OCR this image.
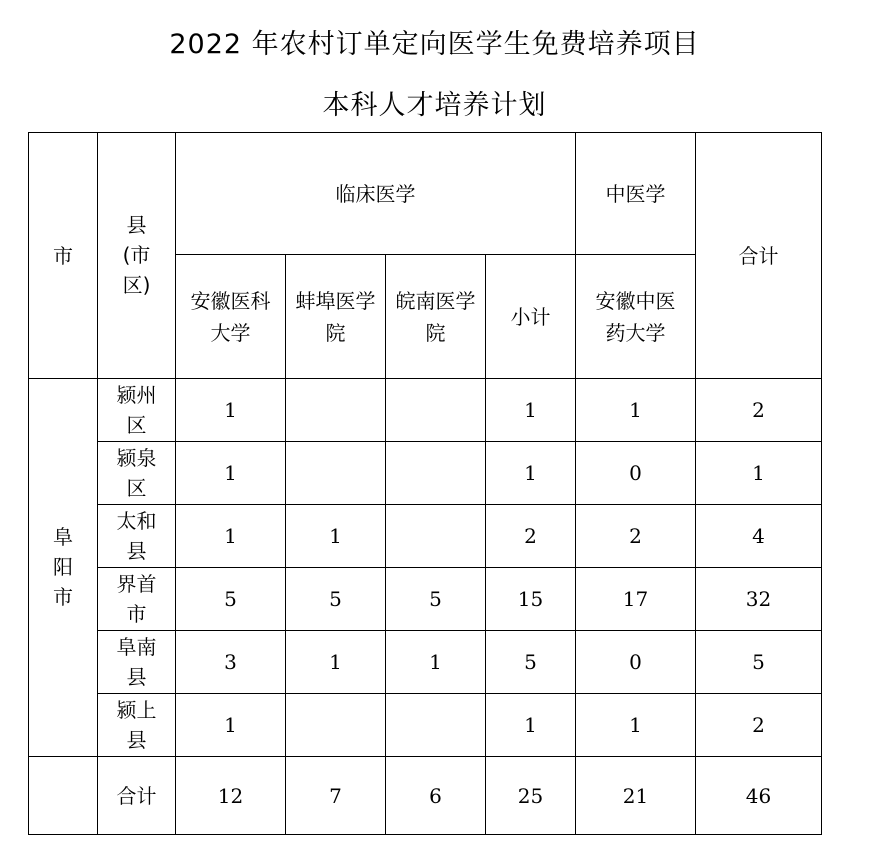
2022 年农村订单定向医学生免费培养项目
本科人才培养计划
市	县(市区)	临床医学				中医学	合计
		安徽医科大学	蚌埠医学院	皖南医学院	小计	安徽中医药大学	
阜阳市	颍州区	1			1	1	2
	颍泉区	1			1	0	1
	太和县	1	1		2	2	4
	界首市	5	5	5	15	17	32
	阜南县	3	1	1	5	0	5
	颍上县	1			1	1	2
	合计	12	7	6	25	21	46
